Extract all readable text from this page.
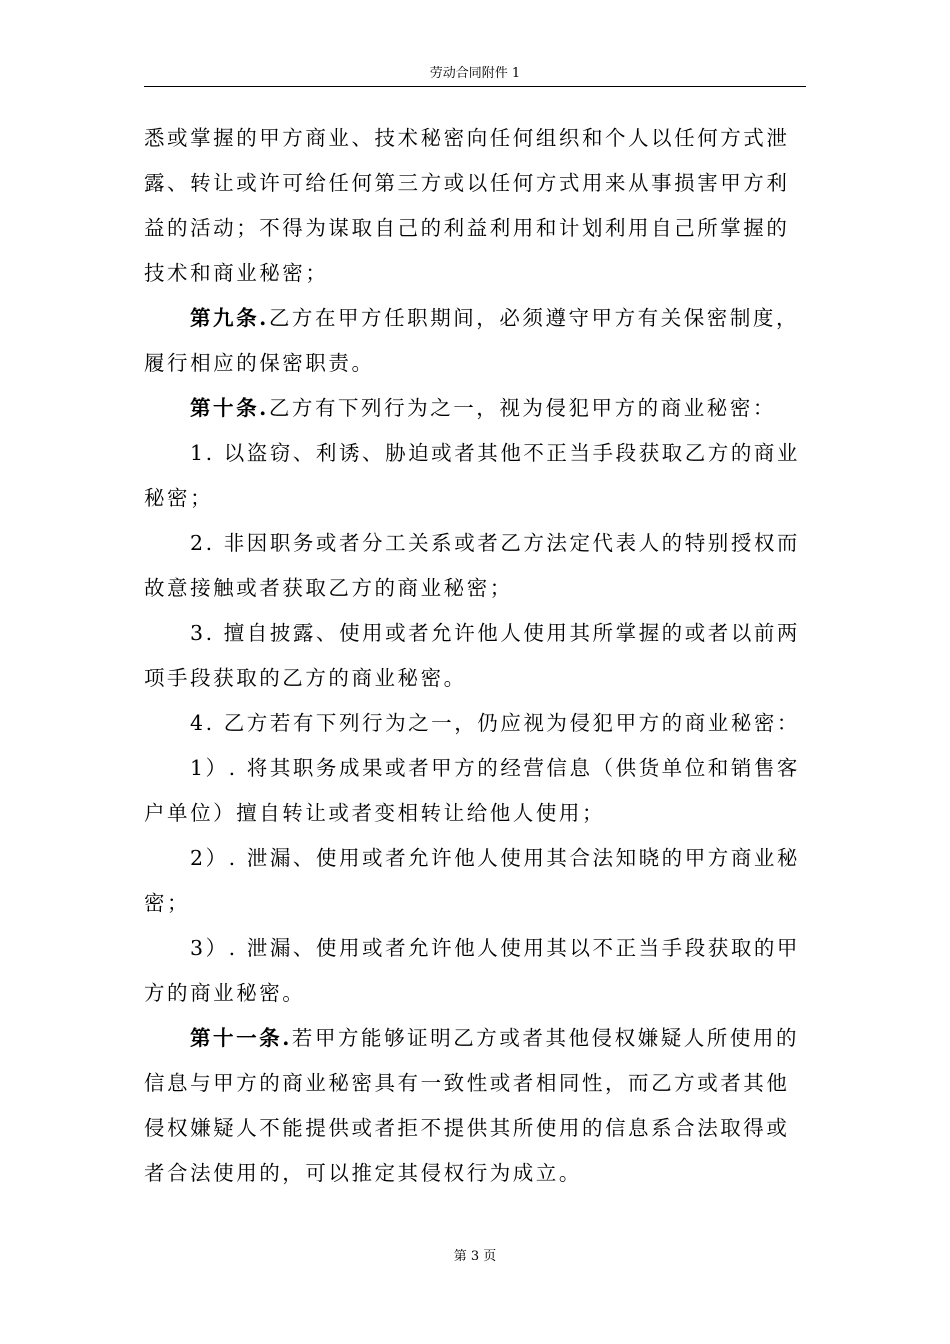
劳动合同附件 1

悉或掌握的甲方商业、技术秘密向任何组织和个人以任何方式泄露、转让或许可给任何第三方或以任何方式用来从事损害甲方利益的活动；不得为谋取自己的利益利用和计划利用自己所掌握的技术和商业秘密；

第九条.乙方在甲方任职期间，必须遵守甲方有关保密制度，履行相应的保密职责。

第十条.乙方有下列行为之一，视为侵犯甲方的商业秘密：

1. 以盗窃、利诱、胁迫或者其他不正当手段获取乙方的商业秘密；

2. 非因职务或者分工关系或者乙方法定代表人的特别授权而故意接触或者获取乙方的商业秘密；

3. 擅自披露、使用或者允许他人使用其所掌握的或者以前两项手段获取的乙方的商业秘密。

4. 乙方若有下列行为之一，仍应视为侵犯甲方的商业秘密：

1）. 将其职务成果或者甲方的经营信息（供货单位和销售客户单位）擅自转让或者变相转让给他人使用；

2）. 泄漏、使用或者允许他人使用其合法知晓的甲方商业秘密；

3）. 泄漏、使用或者允许他人使用其以不正当手段获取的甲方的商业秘密。

第十一条.若甲方能够证明乙方或者其他侵权嫌疑人所使用的信息与甲方的商业秘密具有一致性或者相同性，而乙方或者其他侵权嫌疑人不能提供或者拒不提供其所使用的信息系合法取得或者合法使用的，可以推定其侵权行为成立。

第 3 页
